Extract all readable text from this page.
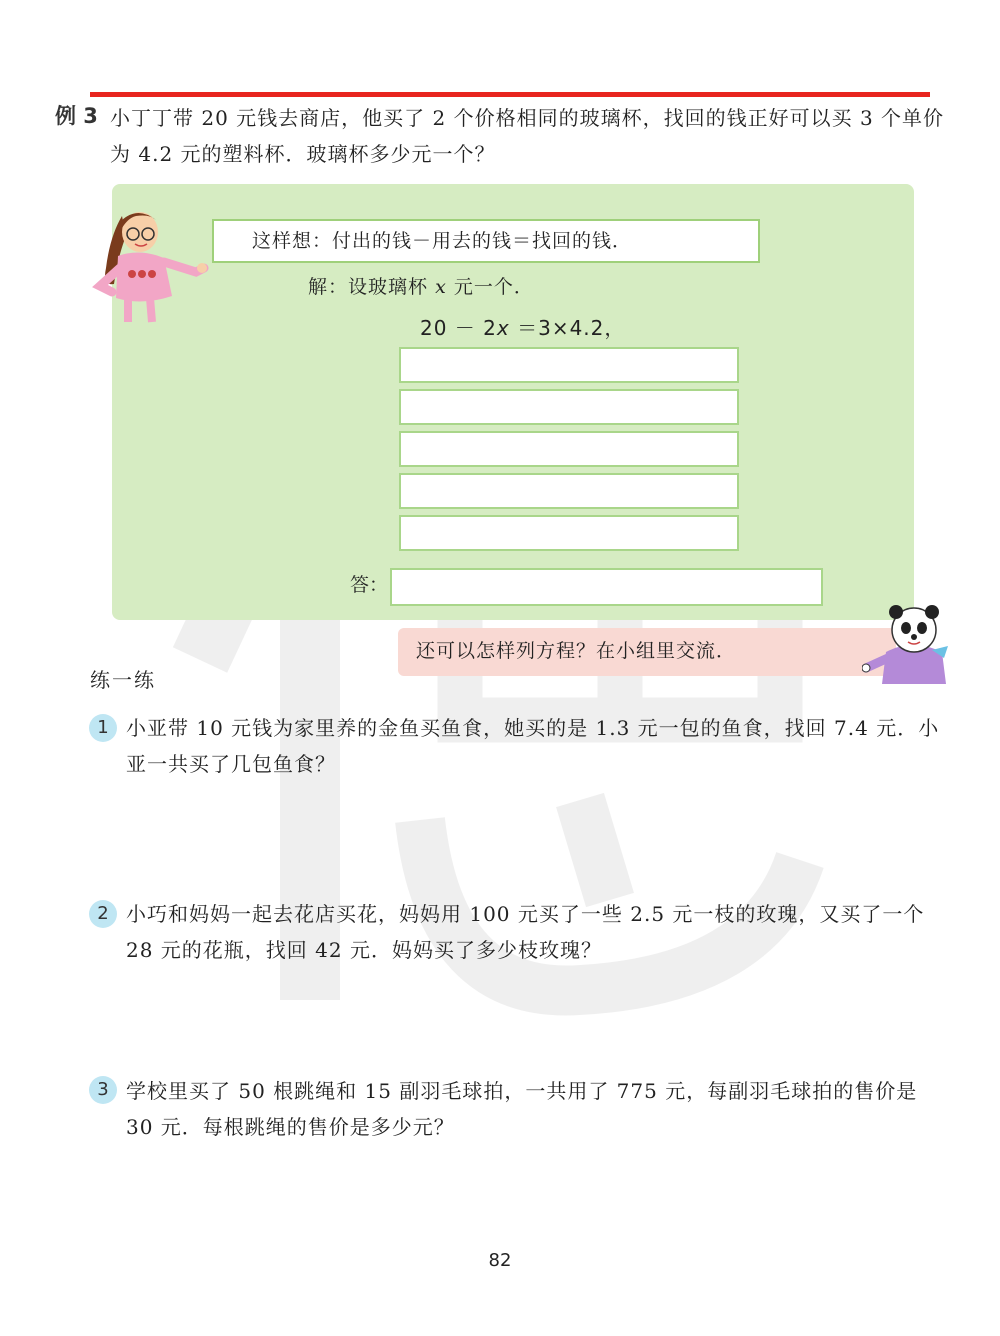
例 3 小丁丁带 20 元钱去商店，他买了 2 个价格相同的玻璃杯，找回的钱正好可以买 3 个单价为 4.2 元的塑料杯．玻璃杯多少元一个？
这样想：付出的钱－用去的钱＝找回的钱．
解：设玻璃杯 x 元一个．
20 － 2x ＝3×4.2，
答：
还可以怎样列方程？在小组里交流．
练一练
1 小亚带 10 元钱为家里养的金鱼买鱼食，她买的是 1.3 元一包的鱼食，找回 7.4 元．小亚一共买了几包鱼食？
2 小巧和妈妈一起去花店买花，妈妈用 100 元买了一些 2.5 元一枝的玫瑰，又买了一个 28 元的花瓶，找回 42 元．妈妈买了多少枝玫瑰？
3 学校里买了 50 根跳绳和 15 副羽毛球拍，一共用了 775 元，每副羽毛球拍的售价是 30 元．每根跳绳的售价是多少元？
82
